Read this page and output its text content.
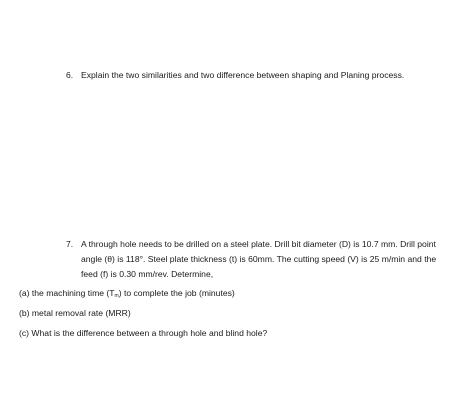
6. Explain the two similarities and two difference between shaping and Planing process.
7. A through hole needs to be drilled on a steel plate. Drill bit diameter (D) is 10.7 mm. Drill point angle (θ) is 118°. Steel plate thickness (t) is 60mm. The cutting speed (V) is 25 m/min and the feed (f) is 0.30 mm/rev. Determine,
(a) the machining time $(T_m)$ to complete the job (minutes)
(b) metal removal rate (MRR)
(c) What is the difference between a through hole and blind hole?
